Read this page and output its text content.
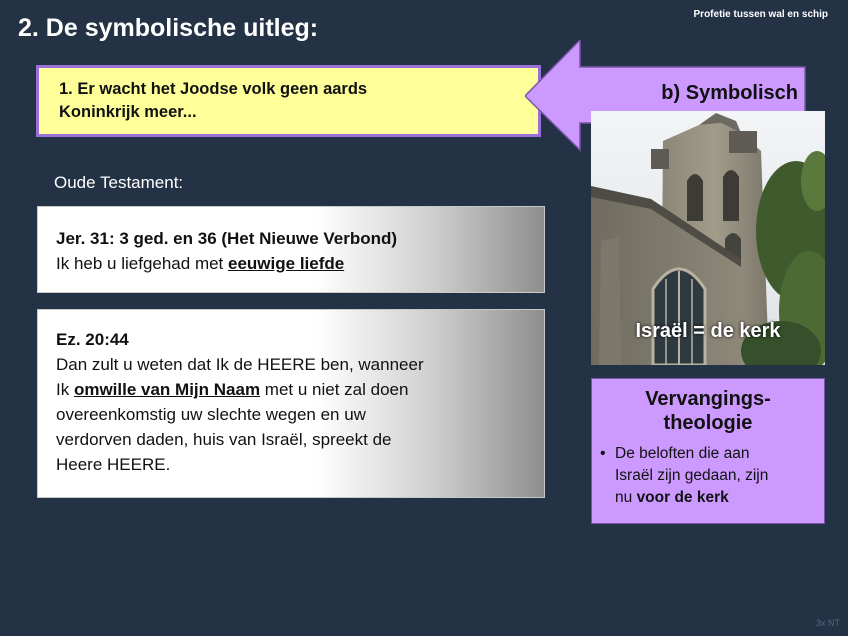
2. De symbolische uitleg:	Profetie tussen wal en schip
1. Er wacht het Joodse volk geen aards
Koninkrijk meer...
b) Symbolisch
Oude Testament:
Jer. 31: 3 ged. en 36 (Het Nieuwe Verbond)
Ik heb u liefgehad met eeuwige liefde
Ez. 20:44
Dan zult u weten dat Ik de HEERE ben, wanneer
Ik omwille van Mijn Naam met u niet zal doen
overeenkomstig uw slechte wegen en uw
verdorven daden, huis van Israël, spreekt de
Heere HEERE.
Israël = de kerk
Vervangings-
theologie
• De beloften die aan
Israël zijn gedaan, zijn
nu voor de kerk
3x NT
